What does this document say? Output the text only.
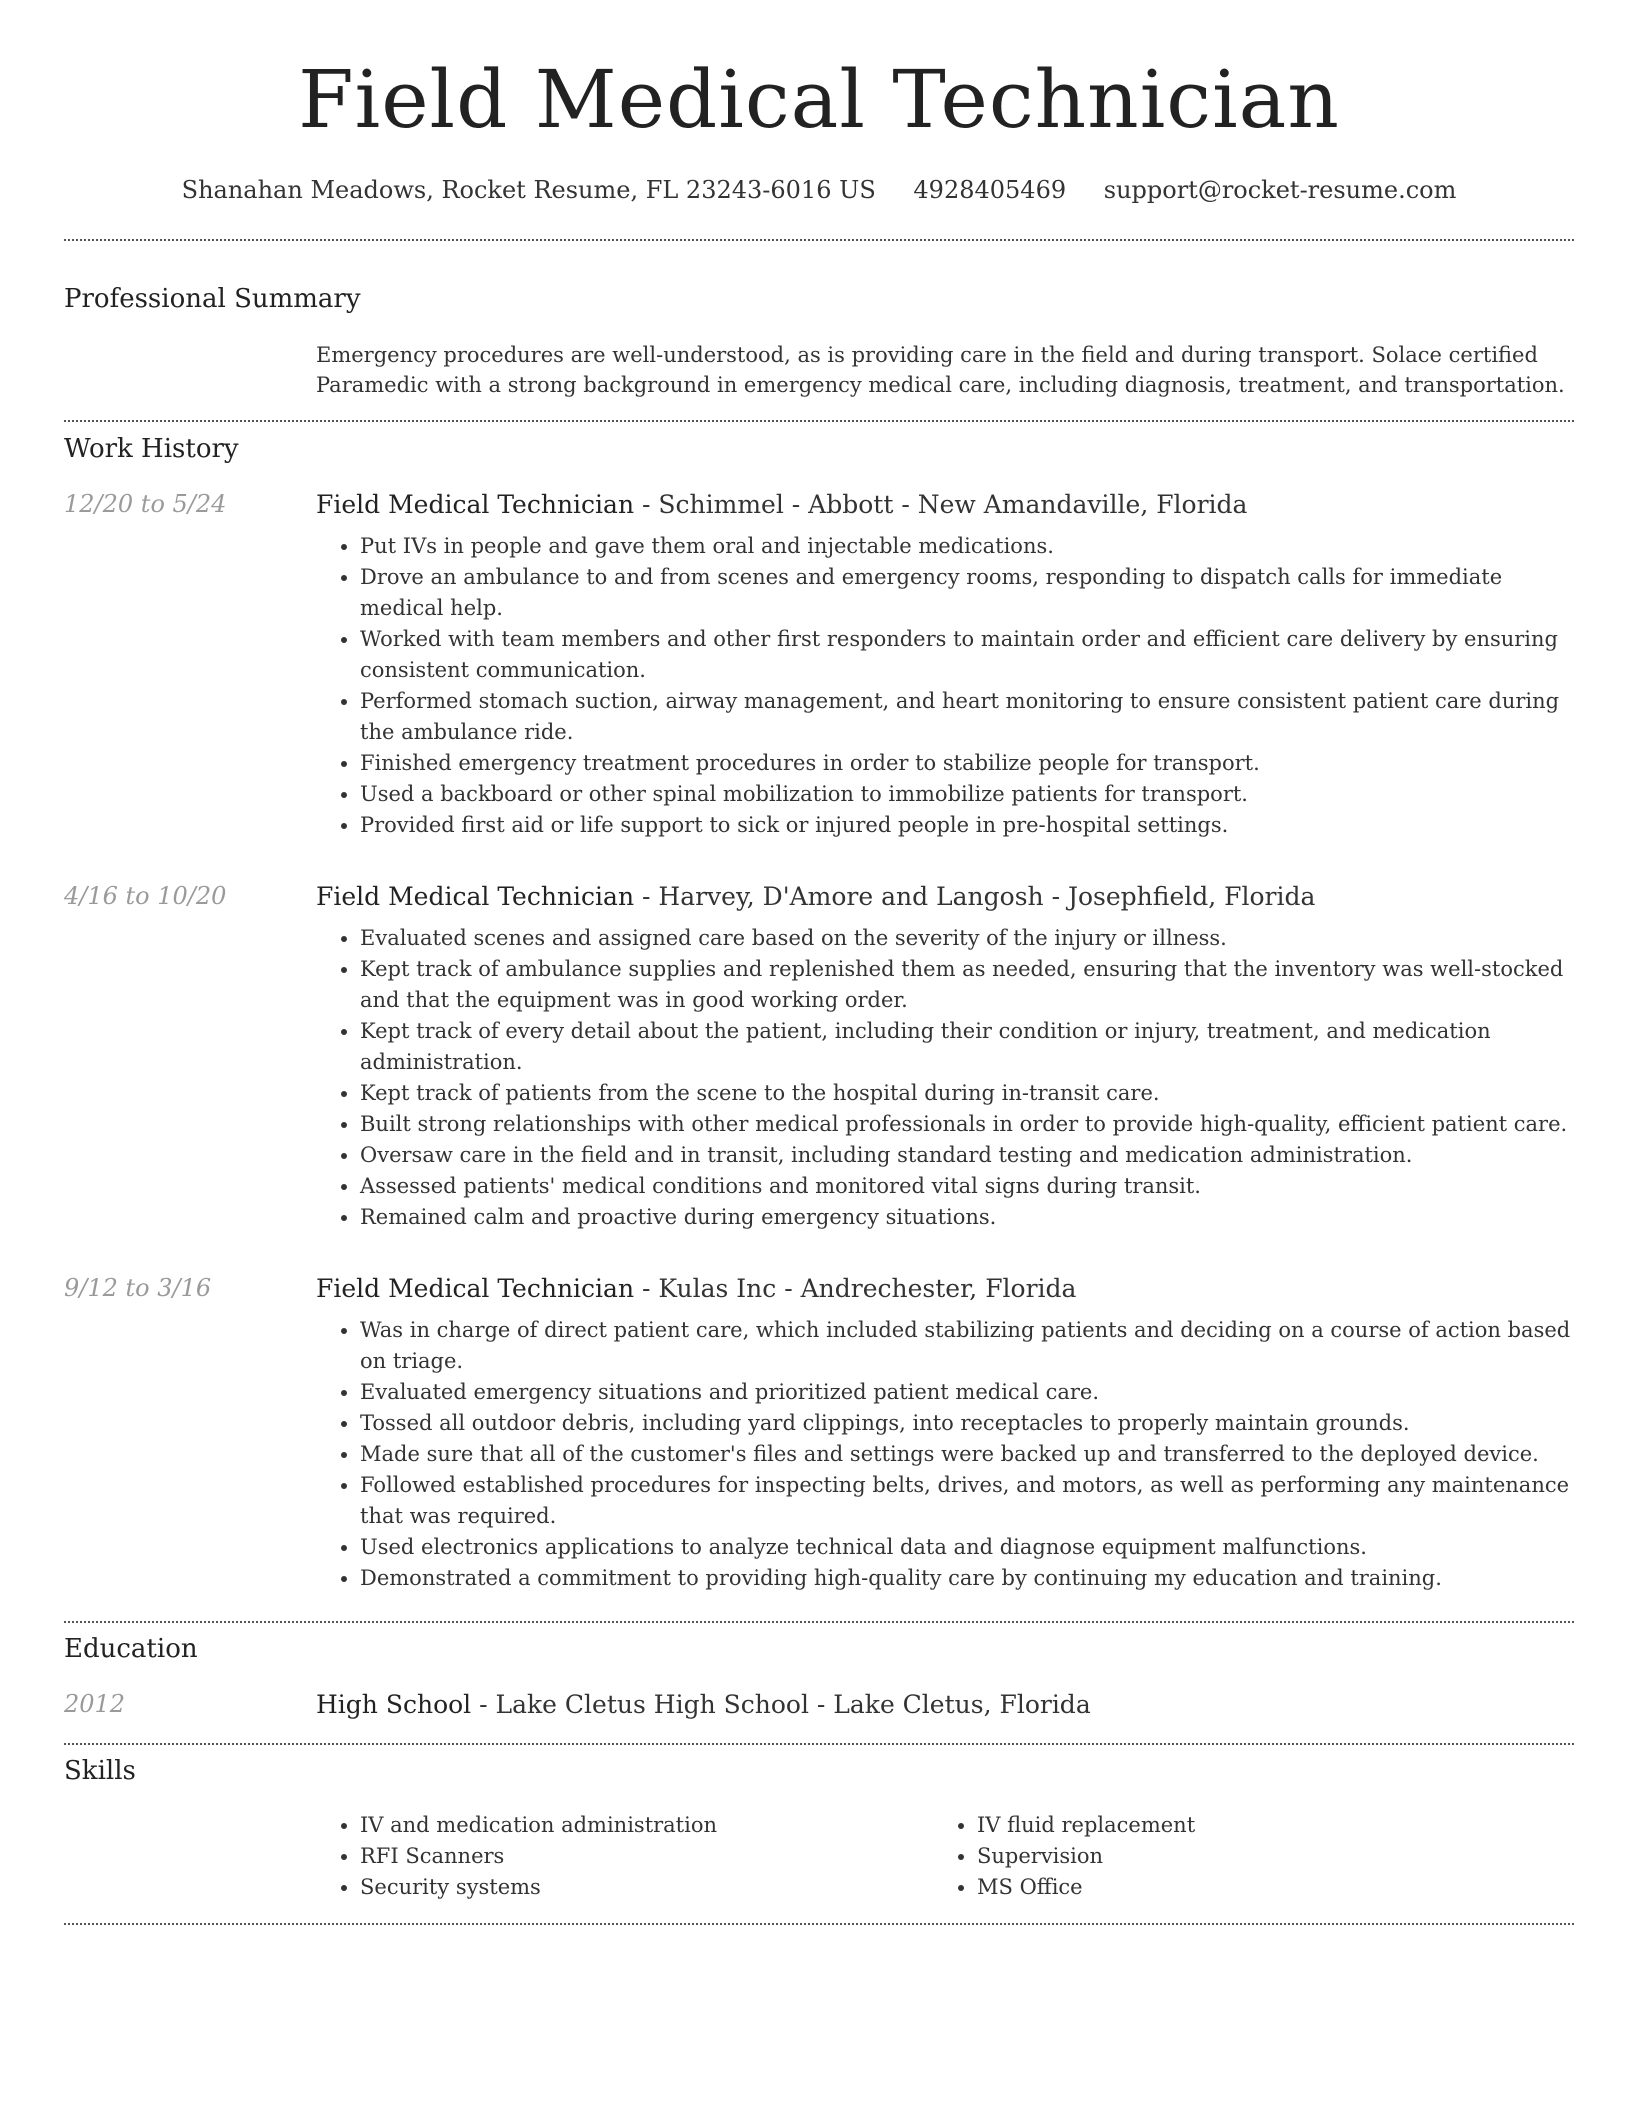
Field Medical Technician
Shanahan Meadows, Rocket Resume, FL 23243-6016 US 4928405469 support@rocket-resume.com
Professional Summary
Emergency procedures are well-understood, as is providing care in the field and during transport. Solace certified Paramedic with a strong background in emergency medical care, including diagnosis, treatment, and transportation.
Work History
12/20 to 5/24	Field Medical Technician - Schimmel - Abbott - New Amandaville, Florida
• Put IVs in people and gave them oral and injectable medications.
• Drove an ambulance to and from scenes and emergency rooms, responding to dispatch calls for immediate medical help.
• Worked with team members and other first responders to maintain order and efficient care delivery by ensuring consistent communication.
• Performed stomach suction, airway management, and heart monitoring to ensure consistent patient care during the ambulance ride.
• Finished emergency treatment procedures in order to stabilize people for transport.
• Used a backboard or other spinal mobilization to immobilize patients for transport.
• Provided first aid or life support to sick or injured people in pre-hospital settings.
4/16 to 10/20	Field Medical Technician - Harvey, D'Amore and Langosh - Josephfield, Florida
• Evaluated scenes and assigned care based on the severity of the injury or illness.
• Kept track of ambulance supplies and replenished them as needed, ensuring that the inventory was well-stocked and that the equipment was in good working order.
• Kept track of every detail about the patient, including their condition or injury, treatment, and medication administration.
• Kept track of patients from the scene to the hospital during in-transit care.
• Built strong relationships with other medical professionals in order to provide high-quality, efficient patient care.
• Oversaw care in the field and in transit, including standard testing and medication administration.
• Assessed patients' medical conditions and monitored vital signs during transit.
• Remained calm and proactive during emergency situations.
9/12 to 3/16	Field Medical Technician - Kulas Inc - Andrechester, Florida
• Was in charge of direct patient care, which included stabilizing patients and deciding on a course of action based on triage.
• Evaluated emergency situations and prioritized patient medical care.
• Tossed all outdoor debris, including yard clippings, into receptacles to properly maintain grounds.
• Made sure that all of the customer's files and settings were backed up and transferred to the deployed device.
• Followed established procedures for inspecting belts, drives, and motors, as well as performing any maintenance that was required.
• Used electronics applications to analyze technical data and diagnose equipment malfunctions.
• Demonstrated a commitment to providing high-quality care by continuing my education and training.
Education
2012	High School - Lake Cletus High School - Lake Cletus, Florida
Skills
• IV and medication administration
• RFI Scanners
• Security systems
• IV fluid replacement
• Supervision
• MS Office
